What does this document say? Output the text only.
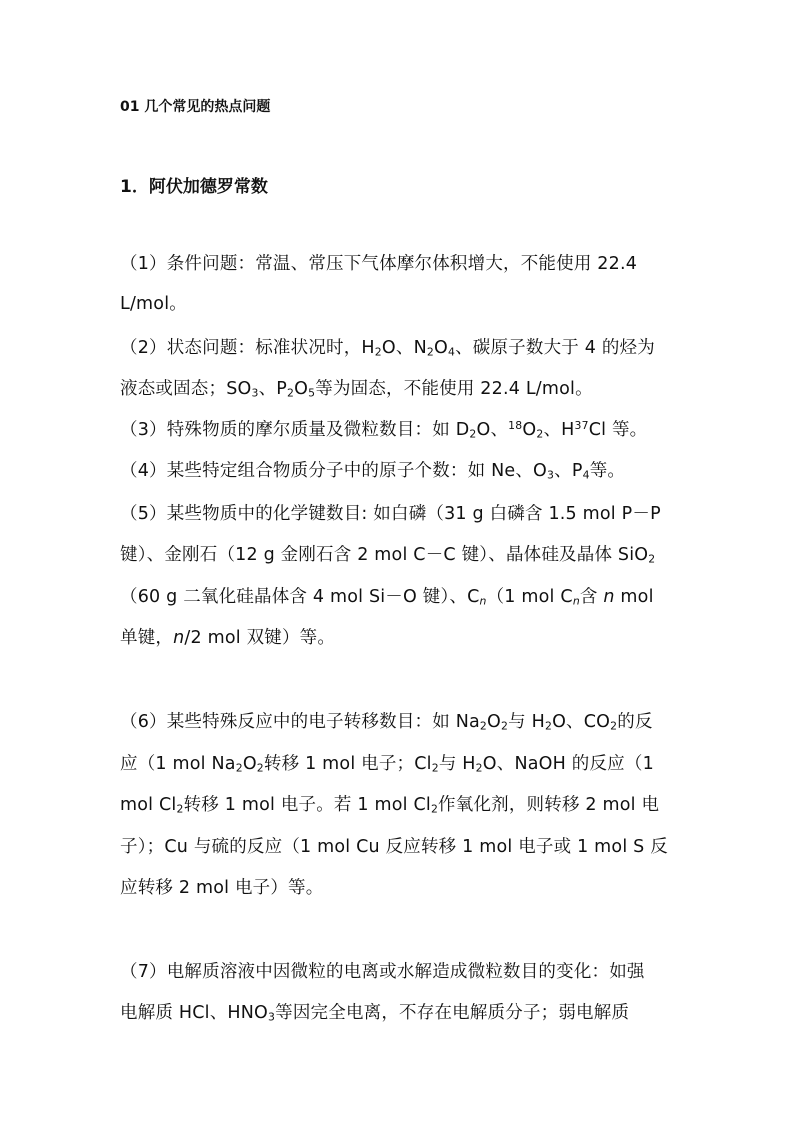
01 几个常见的热点问题
1．阿伏加德罗常数
（1）条件问题：常温、常压下气体摩尔体积增大，不能使用 22.4
L/mol。
（2）状态问题：标准状况时，$H_2O$、$N_2O_4$、碳原子数大于 4 的烃为
液态或固态；$SO_3$、$P_2O_5$等为固态，不能使用 22.4 L/mol。
（3）特殊物质的摩尔质量及微粒数目：如 $D_2O$、$^{18}O_2$、$H^{37}Cl$ 等。
（4）某些特定组合物质分子中的原子个数：如 Ne、$O_3$、$P_4$等。
（5）某些物质中的化学键数目: 如白磷（31 g 白磷含 1.5 mol P－P
键）、金刚石（12 g 金刚石含 2 mol C－C 键）、晶体硅及晶体 SiO$_2$
（60 g 二氧化硅晶体含 4 mol Si－O 键）、$C_n(1$ mol $C_n$含 n mol
单键，n/2 mol 双键）等。
（6）某些特殊反应中的电子转移数目：如 $Na_2O_2$与 $H_2O$、$CO_2$的反
应（1 mol $Na_2O_2$转移 1 mol 电子；$Cl_2$与 $H_2O$、NaOH 的反应（1
mol $Cl_2$转移 1 mol 电子。若 1 mol $Cl_2$作氧化剂，则转移 2 mol 电
子）；Cu 与硫的反应（1 mol Cu 反应转移 1 mol 电子或 1 mol S 反
应转移 2 mol 电子）等。
（7）电解质溶液中因微粒的电离或水解造成微粒数目的变化：如强
电解质 HCl、$HNO_3$等因完全电离，不存在电解质分子；弱电解质
